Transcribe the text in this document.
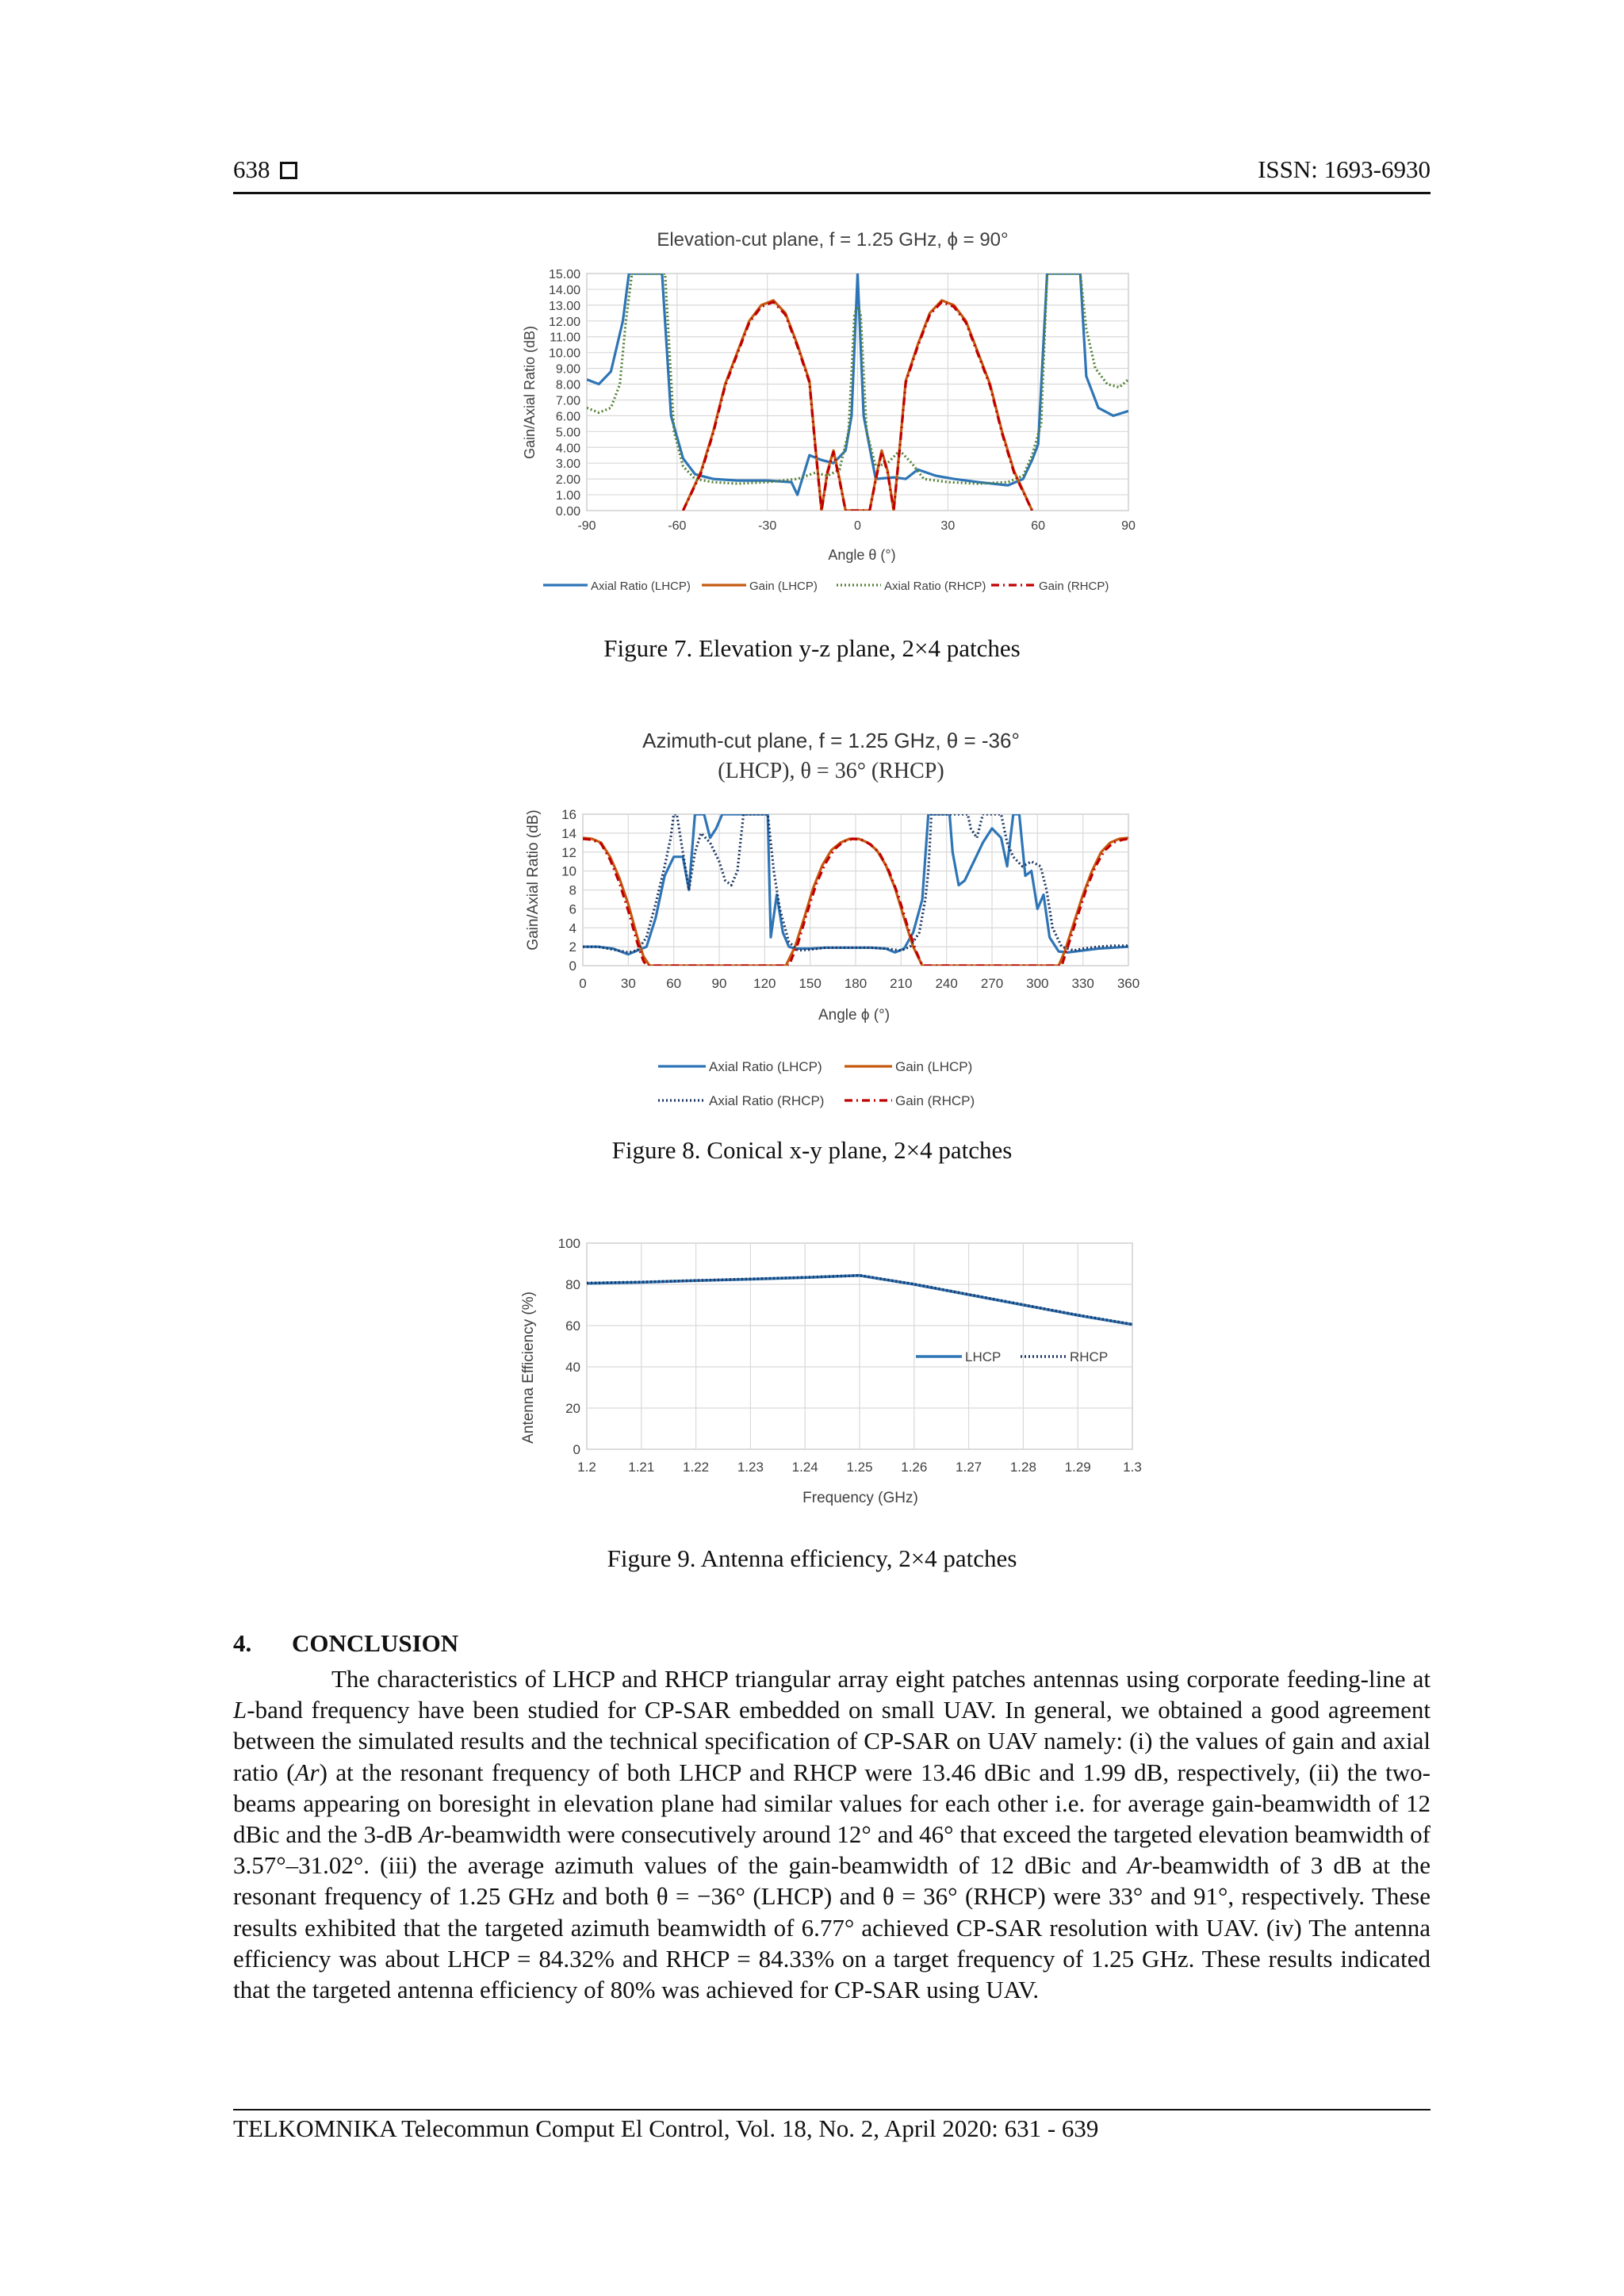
638	ISSN: 1693-6930
Elevation-cut plane, f = 1.25 GHz, ϕ = 90°
Gain/Axial Ratio (dB)
Angle θ (°)
0.00
1.00
2.00
3.00
4.00
5.00
6.00
7.00
8.00
9.00
10.00
11.00
12.00
13.00
14.00
15.00
-90	-60	-30	0	30	60	90
Axial Ratio (LHCP)	Gain (LHCP)	Axial Ratio (RHCP)	Gain (RHCP)
Figure 7. Elevation y-z plane, 2×4 patches
Azimuth-cut plane, f = 1.25 GHz, θ = -36°
(LHCP), θ = 36° (RHCP)
Gain/Axial Ratio (dB)
Angle ϕ (°)
0
2
4
6
8
10
12
14
16
0	30 60 90 120 150 180 210 240 270 300 330 360
Axial Ratio (LHCP)	Gain (LHCP)
Axial Ratio (RHCP)	Gain (RHCP)
Figure 8. Conical x-y plane, 2×4 patches
Antenna Efficiency (%)
Frequency (GHz)
0
20
40
60
80
100
1.2 1.21 1.22 1.23 1.24 1.25 1.26 1.27 1.28 1.29 1.3
LHCP	RHCP
Figure 9. Antenna efficiency, 2×4 patches
4. CONCLUSION

The characteristics of LHCP and RHCP triangular array eight patches antennas using corporate feeding-line at L-band frequency have been studied for CP-SAR embedded on small UAV. In general, we obtained a good agreement between the simulated results and the technical specification of CP-SAR on UAV namely: (i) the values of gain and axial ratio (Ar) at the resonant frequency of both LHCP and RHCP were 13.46 dBic and 1.99 dB, respectively, (ii) the two-beams appearing on boresight in elevation plane had similar values for each other i.e. for average gain-beamwidth of 12 dBic and the 3-dB Ar-beamwidth were consecutively around 12° and 46° that exceed the targeted elevation beamwidth of 3.57°–31.02°. (iii) the average azimuth values of the gain-beamwidth of 12 dBic and Ar-beamwidth of 3 dB at the resonant frequency of 1.25 GHz and both θ = −36° (LHCP) and θ = 36° (RHCP) were 33° and 91°, respectively. These results exhibited that the targeted azimuth beamwidth of 6.77° achieved CP-SAR resolution with UAV. (iv) The antenna efficiency was about LHCP = 84.32% and RHCP = 84.33% on a target frequency of 1.25 GHz. These results indicated that the targeted antenna efficiency of 80% was achieved for CP-SAR using UAV.

TELKOMNIKA Telecommun Comput El Control, Vol. 18, No. 2, April 2020: 631 - 639
